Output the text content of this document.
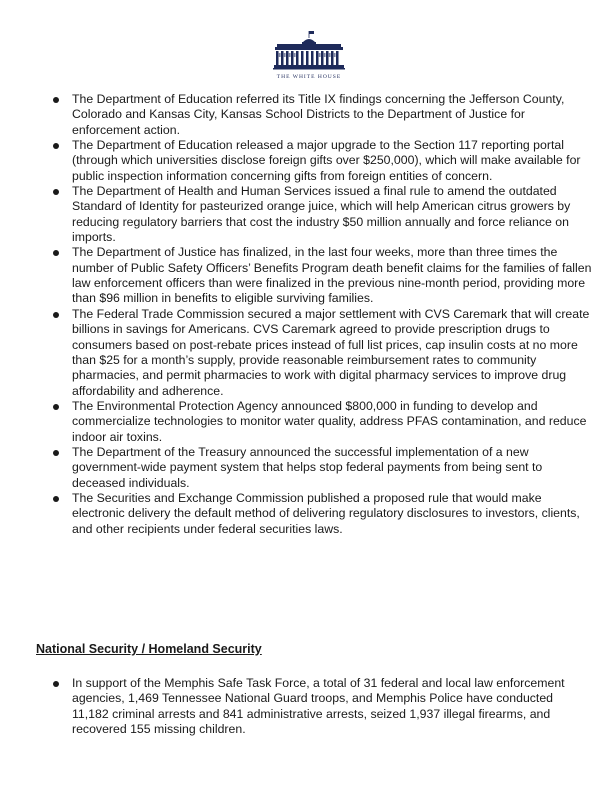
THE WHITE HOUSE
The Department of Education referred its Title IX findings concerning the Jefferson County, Colorado and Kansas City, Kansas School Districts to the Department of Justice for enforcement action.
The Department of Education released a major upgrade to the Section 117 reporting portal (through which universities disclose foreign gifts over $250,000), which will make available for public inspection information concerning gifts from foreign entities of concern.
The Department of Health and Human Services issued a final rule to amend the outdated Standard of Identity for pasteurized orange juice, which will help American citrus growers by reducing regulatory barriers that cost the industry $50 million annually and force reliance on imports.
The Department of Justice has finalized, in the last four weeks, more than three times the number of Public Safety Officers’ Benefits Program death benefit claims for the families of fallen law enforcement officers than were finalized in the previous nine-month period, providing more than $96 million in benefits to eligible surviving families.
The Federal Trade Commission secured a major settlement with CVS Caremark that will create billions in savings for Americans. CVS Caremark agreed to provide prescription drugs to consumers based on post-rebate prices instead of full list prices, cap insulin costs at no more than $25 for a month’s supply, provide reasonable reimbursement rates to community pharmacies, and permit pharmacies to work with digital pharmacy services to improve drug affordability and adherence.
The Environmental Protection Agency announced $800,000 in funding to develop and commercialize technologies to monitor water quality, address PFAS contamination, and reduce indoor air toxins.
The Department of the Treasury announced the successful implementation of a new government-wide payment system that helps stop federal payments from being sent to deceased individuals.
The Securities and Exchange Commission published a proposed rule that would make electronic delivery the default method of delivering regulatory disclosures to investors, clients, and other recipients under federal securities laws.
National Security / Homeland Security
In support of the Memphis Safe Task Force, a total of 31 federal and local law enforcement agencies, 1,469 Tennessee National Guard troops, and Memphis Police have conducted 11,182 criminal arrests and 841 administrative arrests, seized 1,937 illegal firearms, and recovered 155 missing children.
